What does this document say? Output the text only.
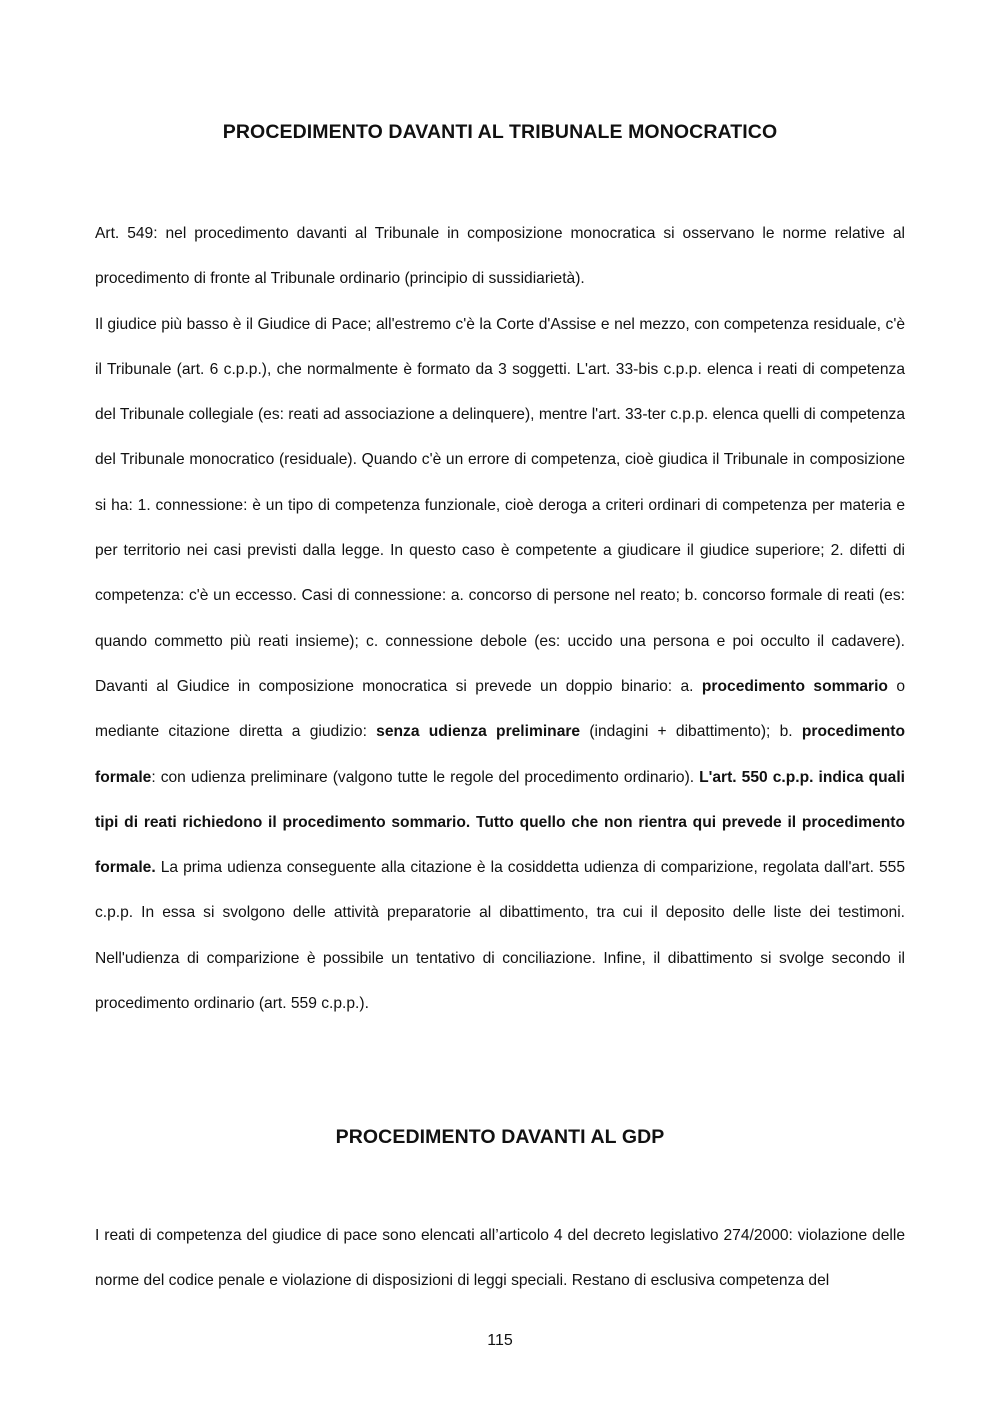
PROCEDIMENTO DAVANTI AL TRIBUNALE MONOCRATICO

Art. 549: nel procedimento davanti al Tribunale in composizione monocratica si osservano le norme relative al procedimento di fronte al Tribunale ordinario (principio di sussidiarietà).

Il giudice più basso è il Giudice di Pace; all'estremo c'è la Corte d'Assise e nel mezzo, con competenza residuale, c'è il Tribunale (art. 6 c.p.p.), che normalmente è formato da 3 soggetti. L'art. 33-bis c.p.p. elenca i reati di competenza del Tribunale collegiale (es: reati ad associazione a delinquere), mentre l'art. 33-ter c.p.p. elenca quelli di competenza del Tribunale monocratico (residuale). Quando c'è un errore di competenza, cioè giudica il Tribunale in composizione si ha: 1. connessione: è un tipo di competenza funzionale, cioè deroga a criteri ordinari di competenza per materia e per territorio nei casi previsti dalla legge. In questo caso è competente a giudicare il giudice superiore; 2. difetti di competenza: c'è un eccesso. Casi di connessione: a. concorso di persone nel reato; b. concorso formale di reati (es: quando commetto più reati insieme); c. connessione debole (es: uccido una persona e poi occulto il cadavere). Davanti al Giudice in composizione monocratica si prevede un doppio binario: a. procedimento sommario o mediante citazione diretta a giudizio: senza udienza preliminare (indagini + dibattimento); b. procedimento formale: con udienza preliminare (valgono tutte le regole del procedimento ordinario). L'art. 550 c.p.p. indica quali tipi di reati richiedono il procedimento sommario. Tutto quello che non rientra qui prevede il procedimento formale. La prima udienza conseguente alla citazione è la cosiddetta udienza di comparizione, regolata dall'art. 555 c.p.p. In essa si svolgono delle attività preparatorie al dibattimento, tra cui il deposito delle liste dei testimoni. Nell'udienza di comparizione è possibile un tentativo di conciliazione. Infine, il dibattimento si svolge secondo il procedimento ordinario (art. 559 c.p.p.).

PROCEDIMENTO DAVANTI AL GDP

I reati di competenza del giudice di pace sono elencati all’articolo 4 del decreto legislativo 274/2000: violazione delle norme del codice penale e violazione di disposizioni di leggi speciali. Restano di esclusiva competenza del

115
